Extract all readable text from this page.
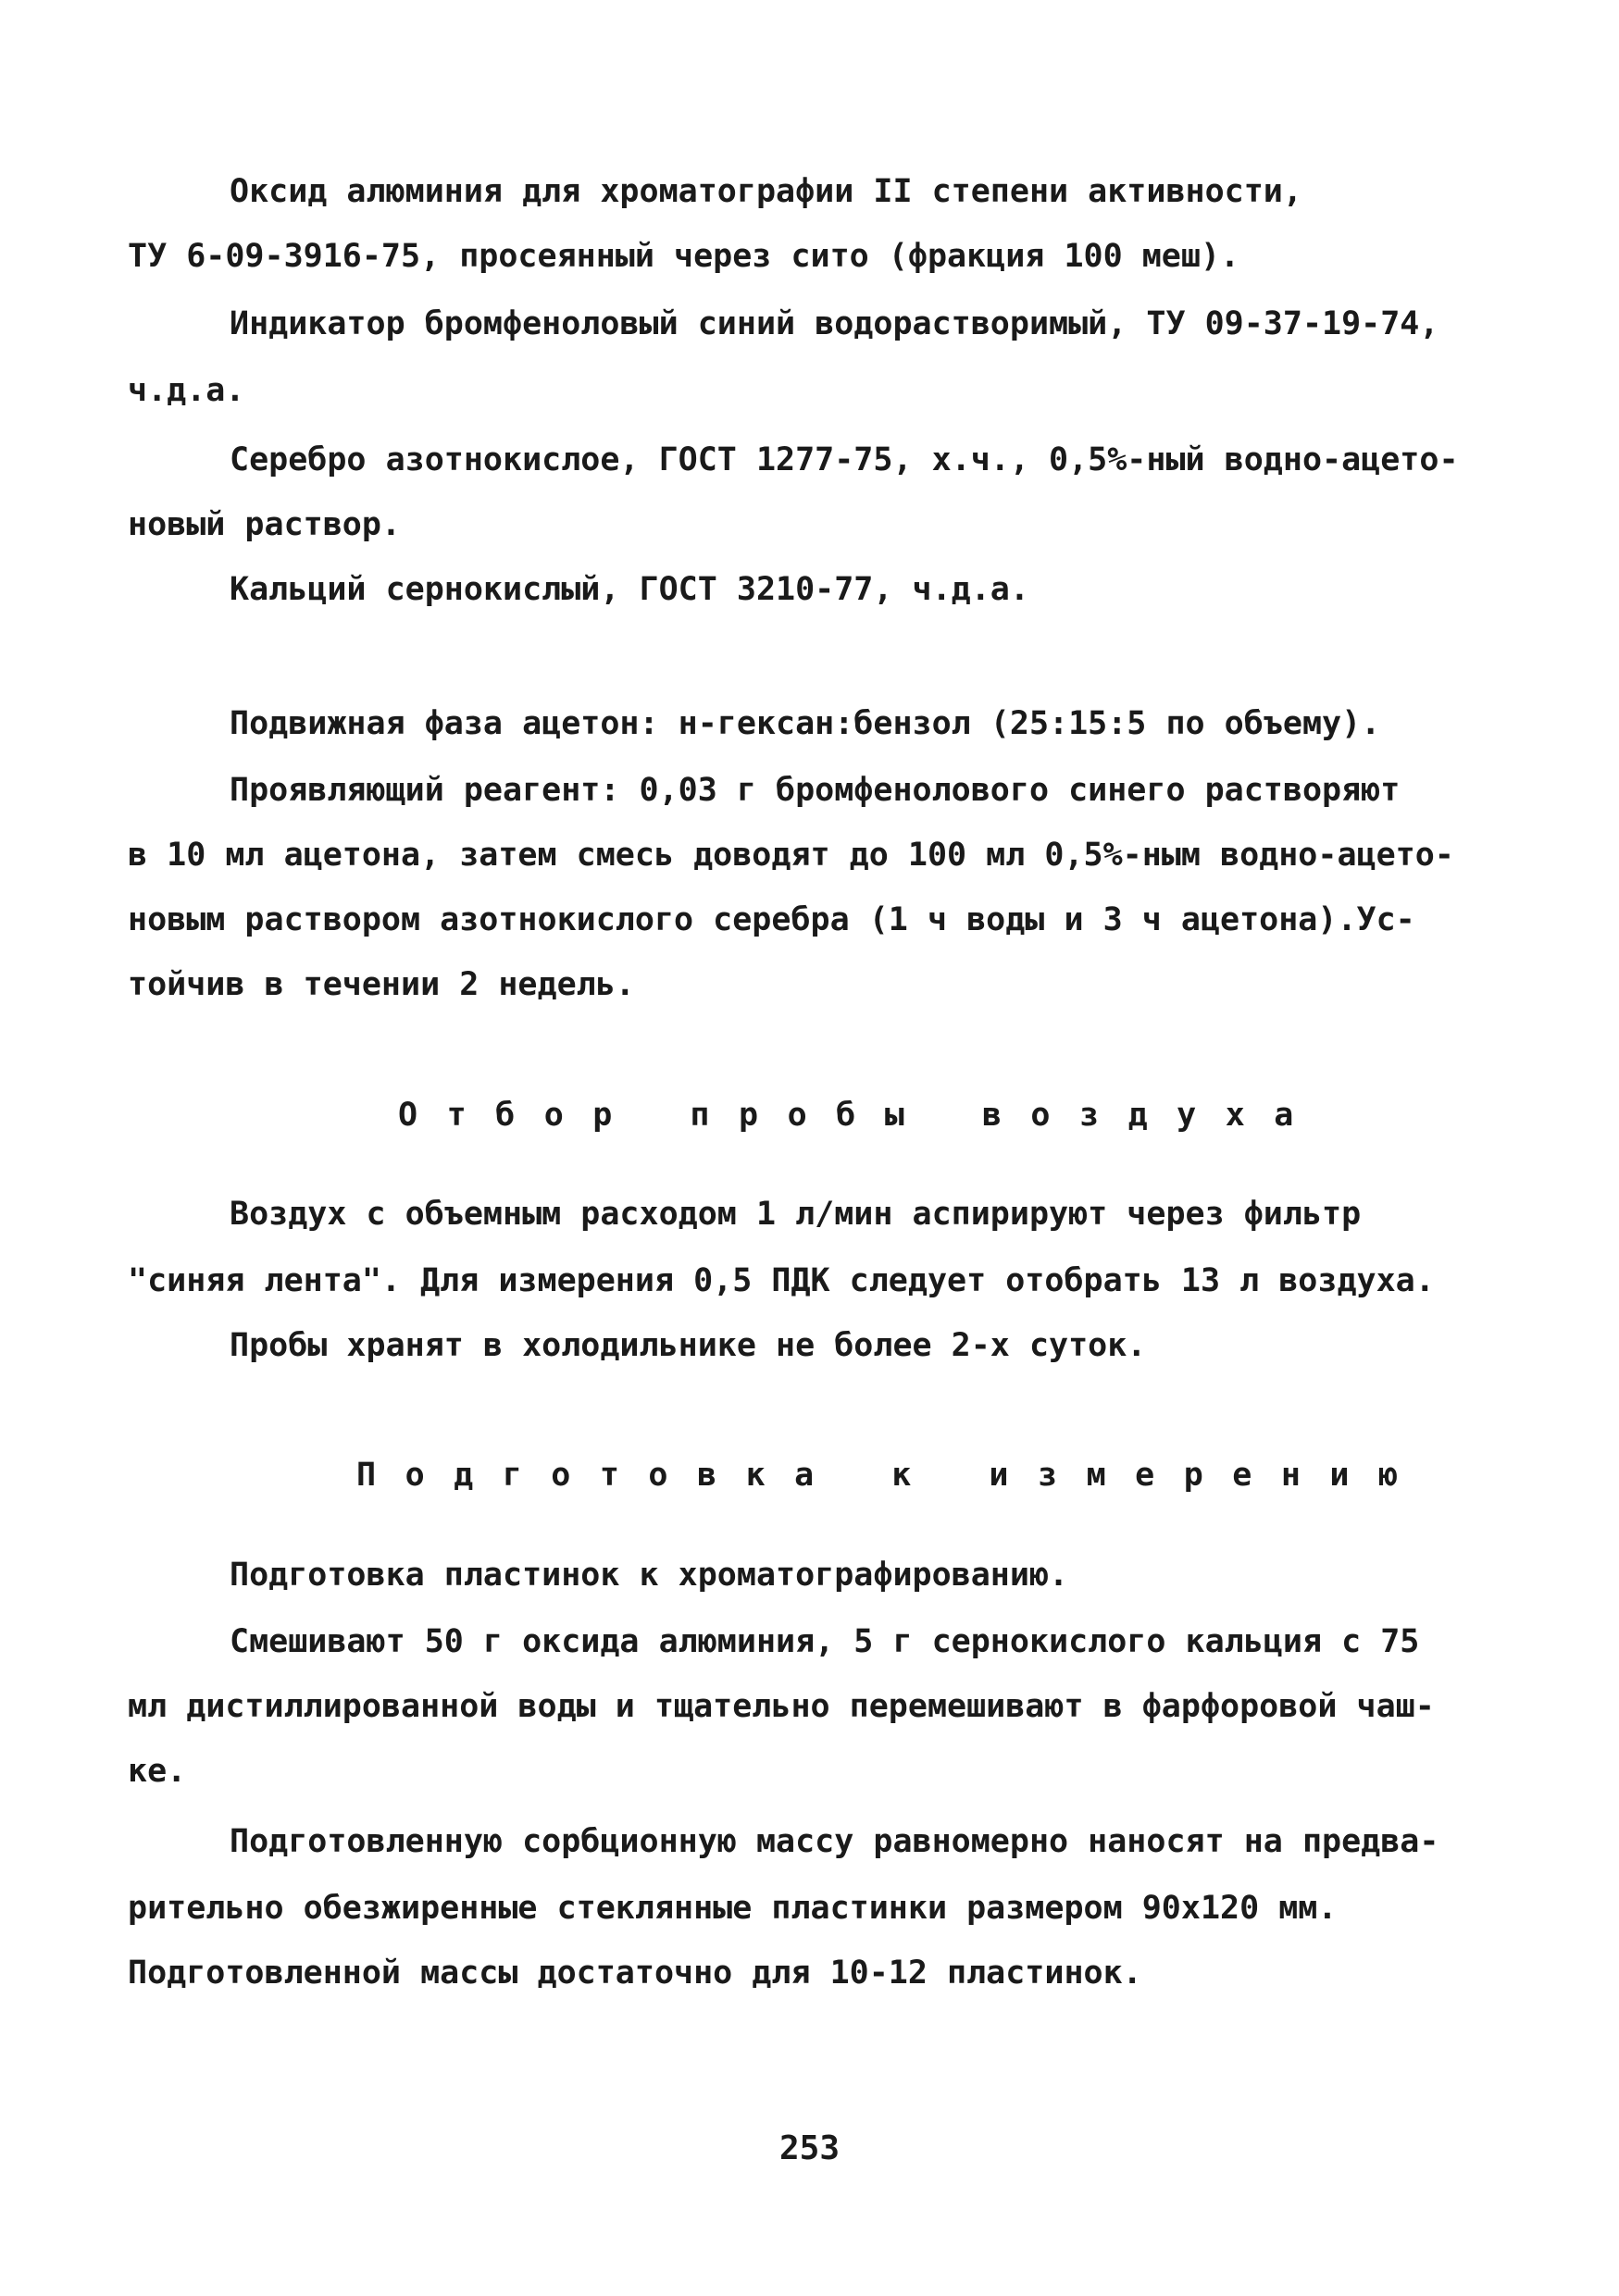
Оксид алюминия для хроматографии II степени активности,

ТУ 6-09-3916-75, просеянный через сито (фракция 100 меш).

Индикатор бромфеноловый синий водорастворимый, ТУ 09-37-19-74,

ч.д.а.

Серебро азотнокислое, ГОСТ 1277-75, х.ч., 0,5%-ный водно-ацето-

новый раствор.

Кальций сернокислый, ГОСТ 3210-77, ч.д.а.

Подвижная фаза ацетон: н-гексан:бензол (25:15:5 по объему).

Проявляющий реагент: 0,03 г бромфенолового синего растворяют

в 10 мл ацетона, затем смесь доводят до 100 мл 0,5%-ным водно-ацето-

новым раствором азотнокислого серебра (1 ч воды и 3 ч ацетона).Ус-

тойчив в течении 2 недель.

Отбор пробы воздуха

Воздух с объемным расходом 1 л/мин аспирируют через фильтр

"синяя лента". Для измерения 0,5 ПДК следует отобрать 13 л воздуха.

Пробы хранят в холодильнике не более 2-х суток.

Подготовка к измерению

Подготовка пластинок к хроматографированию.

Смешивают 50 г оксида алюминия, 5 г сернокислого кальция с 75

мл дистиллированной воды и тщательно перемешивают в фарфоровой чаш-

ке.

Подготовленную сорбционную массу равномерно наносят на предва-

рительно обезжиренные стеклянные пластинки размером 90х120 мм.

Подготовленной массы достаточно для 10-12 пластинок.

253
